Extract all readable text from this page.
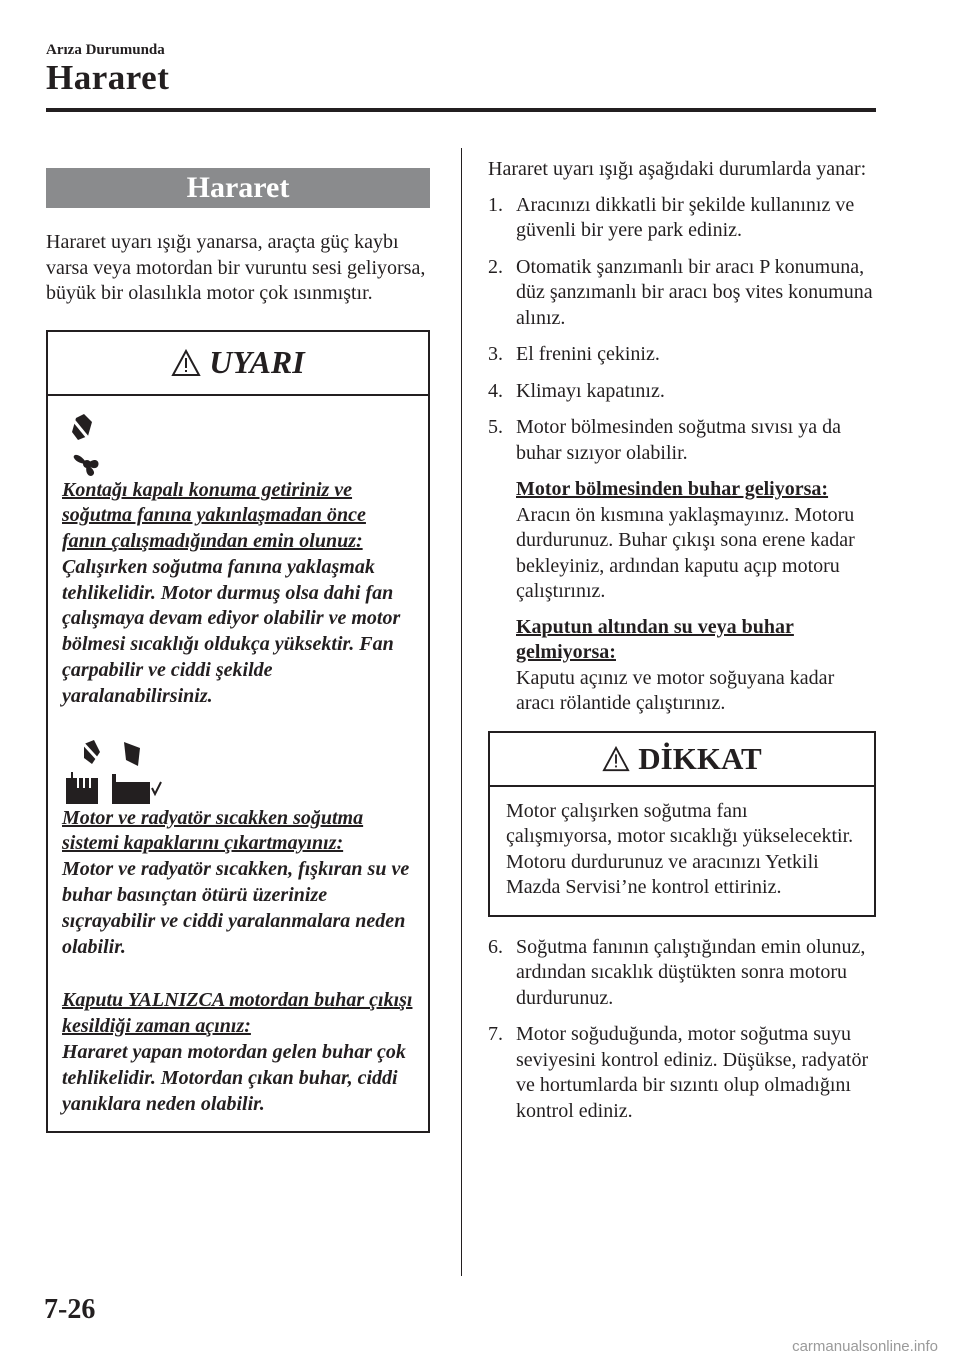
Arıza Durumunda
Hararet
Hararet

Hararet uyarı ışığı yanarsa, araçta güç kaybı varsa veya motordan bir vuruntu sesi geliyorsa, büyük bir olasılıkla motor çok ısınmıştır.

UYARI
Kontağı kapalı konuma getiriniz ve soğutma fanına yakınlaşmadan önce fanın çalışmadığından emin olunuz:
Çalışırken soğutma fanına yaklaşmak tehlikelidir. Motor durmuş olsa dahi fan çalışmaya devam ediyor olabilir ve motor bölmesi sıcaklığı oldukça yüksektir. Fan çarpabilir ve ciddi şekilde yaralanabilirsiniz.
Motor ve radyatör sıcakken soğutma sistemi kapaklarını çıkartmayınız:
Motor ve radyatör sıcakken, fışkıran su ve buhar basınçtan ötürü üzerinize sıçrayabilir ve ciddi yaralanmalara neden olabilir.
Kaputu YALNIZCA motordan buhar çıkışı kesildiği zaman açınız:
Hararet yapan motordan gelen buhar çok tehlikelidir. Motordan çıkan buhar, ciddi yanıklara neden olabilir.

Hararet uyarı ışığı aşağıdaki durumlarda yanar:

1. Aracınızı dikkatli bir şekilde kullanınız ve güvenli bir yere park ediniz.
2. Otomatik şanzımanlı bir aracı P konumuna, düz şanzımanlı bir aracı boş vites konumuna alınız.
3. El frenini çekiniz.
4. Klimayı kapatınız.
5. Motor bölmesinden soğutma sıvısı ya da buhar sızıyor olabilir.
Motor bölmesinden buhar geliyorsa:
Aracın ön kısmına yaklaşmayınız. Motoru durdurunuz. Buhar çıkışı sona erene kadar bekleyiniz, ardından kaputu açıp motoru çalıştırınız.
Kaputun altından su veya buhar gelmiyorsa:
Kaputu açınız ve motor soğuyana kadar aracı rölantide çalıştırınız.
DİKKAT
Motor çalışırken soğutma fanı çalışmıyorsa, motor sıcaklığı yükselecektir. Motoru durdurunuz ve aracınızı Yetkili Mazda Servisi’ne kontrol ettiriniz.
6. Soğutma fanının çalıştığından emin olunuz, ardından sıcaklık düştükten sonra motoru durdurunuz.
7. Motor soğuduğunda, motor soğutma suyu seviyesini kontrol ediniz. Düşükse, radyatör ve hortumlarda bir sızıntı olup olmadığını kontrol ediniz.
7-26
carmanualsonline.info
